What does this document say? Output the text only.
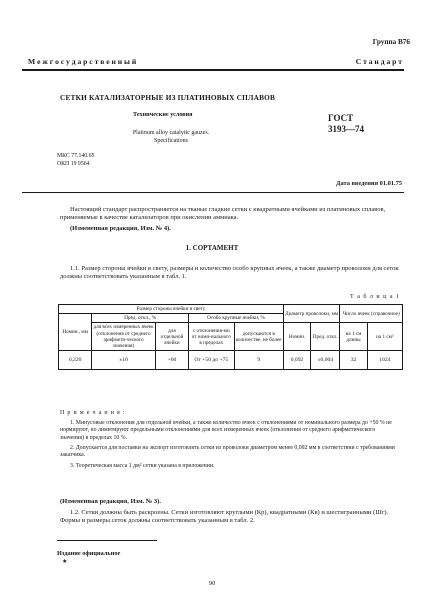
Группа В76
М е ж г о с у д а р с т в е н н ы й	С т а н д а р т
СЕТКИ КАТАЛИЗАТОРНЫЕ ИЗ ПЛАТИНОВЫХ СПЛАВОВ
Технические условия
Platinum alloy catalytic gauzes.
Specifications
ГОСТ
3193—74
МКС 77.140.65
ОКП 19 9564
Дата введения 01.01.75
Настоящий стандарт распространяется на тканые гладкие сетки с квадратными ячейками из платиновых сплавов, применяемые в качестве катализаторов при окислении аммиака.
(Измененная редакция, Изм. № 4).
1. СОРТАМЕНТ
1.1. Размер стороны ячейки в свету, размеры и количество особо крупных ячеек, а также диаметр проволоки для сеток должны соответствовать указанным в табл. 1.
Т а б л и ц а 1
Размер стороны ячейки в свету					Диаметр проволоки, мм		Число ячеек (справочное)	
Номин., мм	Пред. откл., %		Особо крупные ячейки, %					
	для всех измеренных ячеек (отклонения от среднего арифмети-ческого значения)	для отдельной ячейки	с отклонения-ми от номи-нального в пределах	допускаются в количестве, не более	Номин.	Пред. откл.	на 1 см длины	на 1 см²
0,220	±10	+60	От +50 до +75	9	0,092	±0,004	32	1024
П р и м е ч а н и я :
1. Минусовые отклонения для отдельной ячейки, а также количество ячеек с отклонениями от номинального размера до +50 % не нормируют, но лимитируют предельными отклонениями для всех измеренных ячеек (отклонения от среднего арифметического значения) в пределах 10 %.
2. Допускается для поставки на экспорт изготовлять сетки из проволоки диаметром менее 0,092 мм в соответствии с требованиями заказчика.
3. Теоретическая масса 1 дм² сетки указана в приложении.
(Измененная редакция, Изм. № 3).
1.2. Сетки должны быть раскроены. Сетки изготовляют круглыми (Кр), квадратными (Кв) и шестигранными (Шг). Формы и размеры сеток должны соответствовать указанным в табл. 2.
Издание официальное
★
90
